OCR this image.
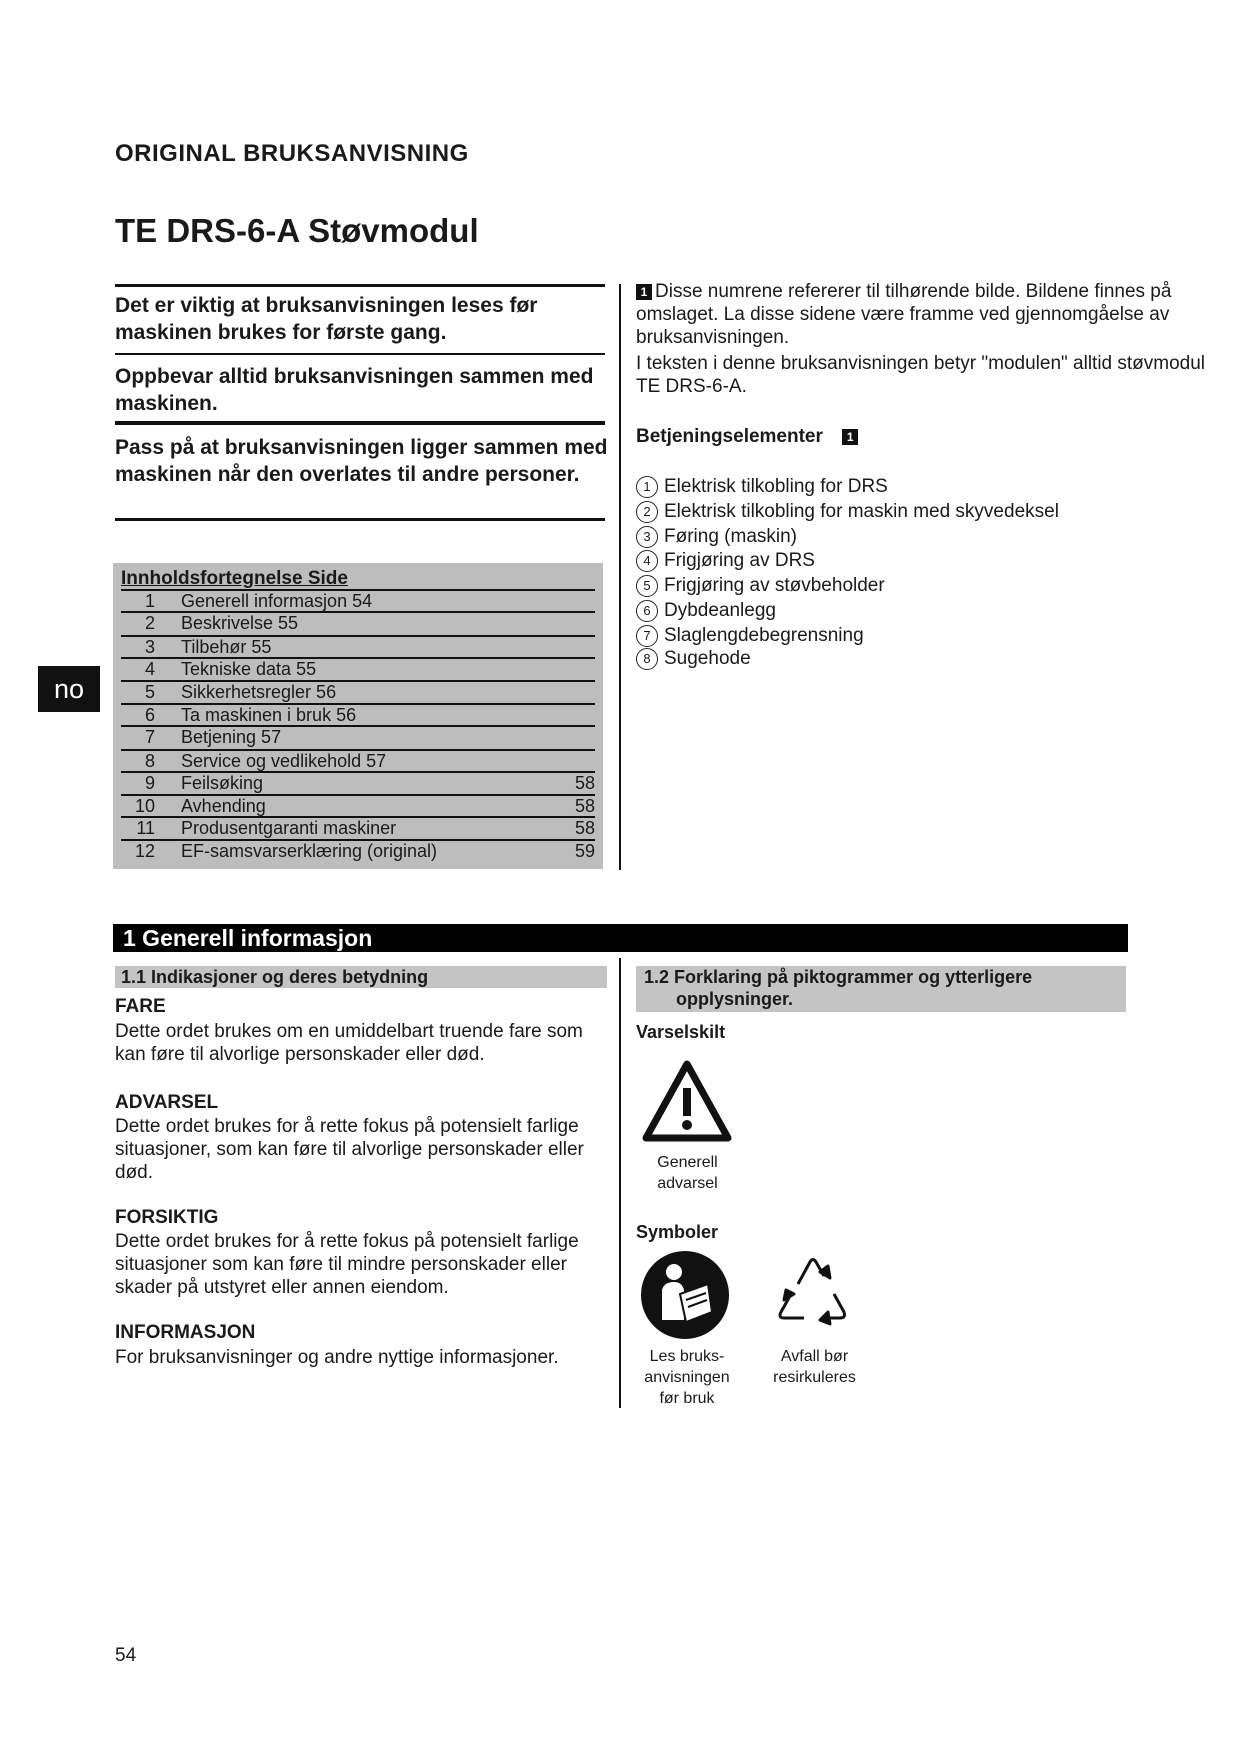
ORIGINAL BRUKSANVISNING
TE DRS-6-A Støvmodul
Det er viktig at bruksanvisningen leses før maskinen brukes for første gang.
Oppbevar alltid bruksanvisningen sammen med maskinen.
Pass på at bruksanvisningen ligger sammen med maskinen når den overlates til andre personer.
Innholdsfortegnelse Side
1 Generell informasjon 54
2 Beskrivelse 55
3 Tilbehør 55
4 Tekniske data 55
5 Sikkerhetsregler 56
6 Ta maskinen i bruk 56
7 Betjening 57
8 Service og vedlikehold 57
9 Feilsøking	58
10 Avhending	58
11 Produsentgaranti maskiner	58
12 EF-samsvarserklæring (original)	59
1 Disse numrene refererer til tilhørende bilde. Bildene finnes på omslaget. La disse sidene være framme ved gjennomgåelse av bruksanvisningen.
I teksten i denne bruksanvisningen betyr "modulen" alltid støvmodul TE DRS-6-A.
Betjeningselementer 1
1 Elektrisk tilkobling for DRS
2 Elektrisk tilkobling for maskin med skyvedeksel
3 Føring (maskin)
4 Frigjøring av DRS
5 Frigjøring av støvbeholder
6 Dybdeanlegg
7 Slaglengdebegrensning
8 Sugehode
no
1 Generell informasjon
1.1 Indikasjoner og deres betydning
FARE
Dette ordet brukes om en umiddelbart truende fare som kan føre til alvorlige personskader eller død.
ADVARSEL
Dette ordet brukes for å rette fokus på potensielt farlige situasjoner, som kan føre til alvorlige personskader eller død.
FORSIKTIG
Dette ordet brukes for å rette fokus på potensielt farlige situasjoner som kan føre til mindre personskader eller skader på utstyret eller annen eiendom.
INFORMASJON
For bruksanvisninger og andre nyttige informasjoner.
1.2 Forklaring på piktogrammer og ytterligere
opplysninger.
Varselskilt
Generell
advarsel
Symboler
Les bruks-
anvisningen
før bruk
Avfall bør
resirkuleres
54
